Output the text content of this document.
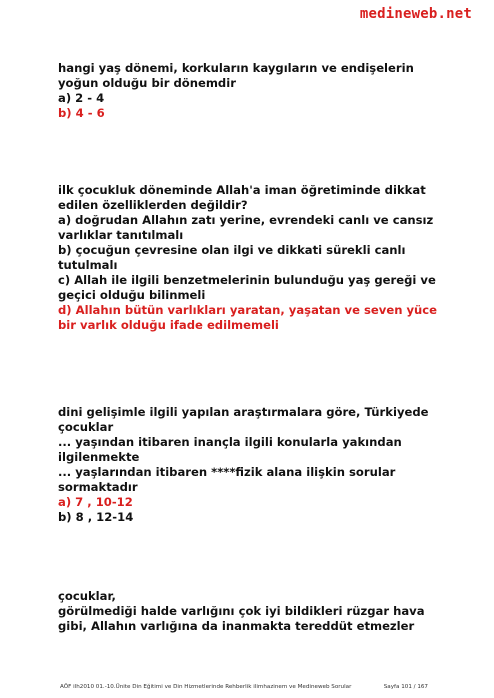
medineweb.net

hangi yaş dönemi, korkuların kaygıların ve endişelerin

yoğun olduğu bir dönemdir

a) 2 - 4

b) 4 - 6

ilk çocukluk döneminde Allah'a iman öğretiminde dikkat

edilen özelliklerden değildir?

a) doğrudan Allahın zatı yerine, evrendeki canlı ve cansız

varlıklar tanıtılmalı

b) çocuğun çevresine olan ilgi ve dikkati sürekli canlı

tutulmalı

c) Allah ile ilgili benzetmelerinin bulunduğu yaş gereği ve

geçici olduğu bilinmeli

d) Allahın bütün varlıkları yaratan, yaşatan ve seven yüce

bir varlık olduğu ifade edilmemeli

dini gelişimle ilgili yapılan araştırmalara göre, Türkiyede

çocuklar

... yaşından itibaren inançla ilgili konularla yakından

ilgilenmekte

... yaşlarından itibaren ****fizik alana ilişkin sorular

sormaktadır

a) 7 , 10-12

b) 8 , 12-14

çocuklar,

görülmediği halde varlığını çok iyi bildikleri rüzgar hava

gibi, Allahın varlığına da inanmakta tereddüt etmezler

AÖF ilh2010 01.-10.Ünite Din Eğitimi ve Din Hizmetlerinde Rehberlik ilimhazinem ve Medineweb Sorular	Sayfa 101 / 167
